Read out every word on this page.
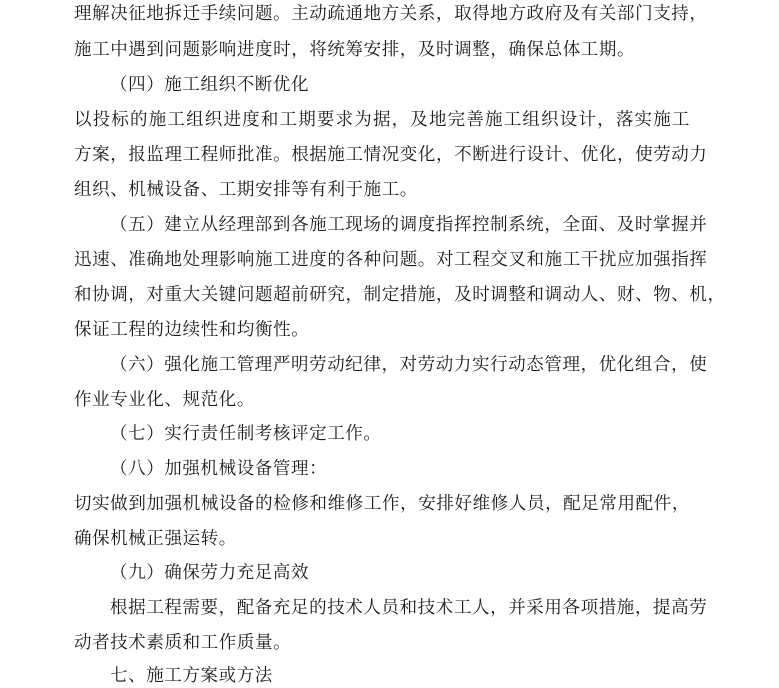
理解决征地拆迁手续问题。主动疏通地方关系，取得地方政府及有关部门支持，
施工中遇到问题影响进度时，将统筹安排，及时调整，确保总体工期。
（四）施工组织不断优化
以投标的施工组织进度和工期要求为据，及地完善施工组织设计，落实施工
方案，报监理工程师批准。根据施工情况变化，不断进行设计、优化，使劳动力
组织、机械设备、工期安排等有利于施工。
（五）建立从经理部到各施工现场的调度指挥控制系统，全面、及时掌握并
迅速、准确地处理影响施工进度的各种问题。对工程交叉和施工干扰应加强指挥
和协调，对重大关键问题超前研究，制定措施，及时调整和调动人、财、物、机，
保证工程的边续性和均衡性。
（六）强化施工管理严明劳动纪律，对劳动力实行动态管理，优化组合，使
作业专业化、规范化。
（七）实行责任制考核评定工作。
（八）加强机械设备管理：
切实做到加强机械设备的检修和维修工作，安排好维修人员，配足常用配件，
确保机械正强运转。
（九）确保劳力充足高效
根据工程需要，配备充足的技术人员和技术工人，并采用各项措施，提高劳
动者技术素质和工作质量。
七、施工方案或方法
